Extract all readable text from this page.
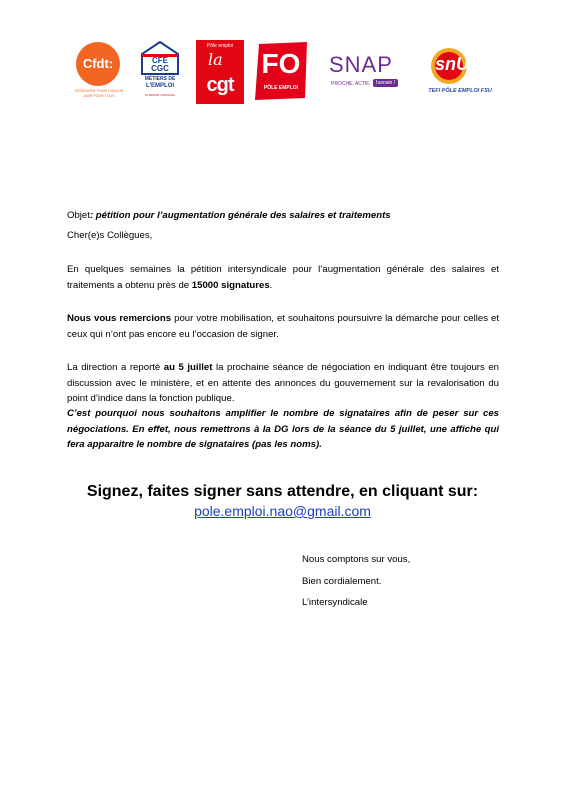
Cfdt:
S'ENGAGER POUR CHACUN
AGIR POUR TOUS
CFE
CGC
MÉTIERS DE
L'EMPLOI
SYNDICAT NATIONAL
Pôle emploi
la
cgt
FO
PÔLE EMPLOI
SNAP
PROCHE, ACTIF,	humain !
snU.
TEFI PÔLE EMPLOI FSU
Objet: pétition pour l’augmentation générale des salaires et traitements
Cher(e)s Collègues,
En quelques semaines la pétition intersyndicale pour l’augmentation générale des salaires et traitements a obtenu près de 15000 signatures.
Nous vous remercions pour votre mobilisation, et souhaitons poursuivre la démarche pour celles et ceux qui n’ont pas encore eu l’occasion de signer.
La direction a reporté au 5 juillet la prochaine séance de négociation en indiquant être toujours en discussion avec le ministère, et en attente des annonces du gouvernement sur la revalorisation du point d’indice dans la fonction publique.
C’est pourquoi nous souhaitons amplifier le nombre de signataires afin de peser sur ces négociations. En effet, nous remettrons à la DG lors de la séance du 5 juillet, une affiche qui fera apparaitre le nombre de signataires (pas les noms).
Signez, faites signer sans attendre, en cliquant sur:
pole.emploi.nao@gmail.com
Nous comptons sur vous,
Bien cordialement.
L’intersyndicale
